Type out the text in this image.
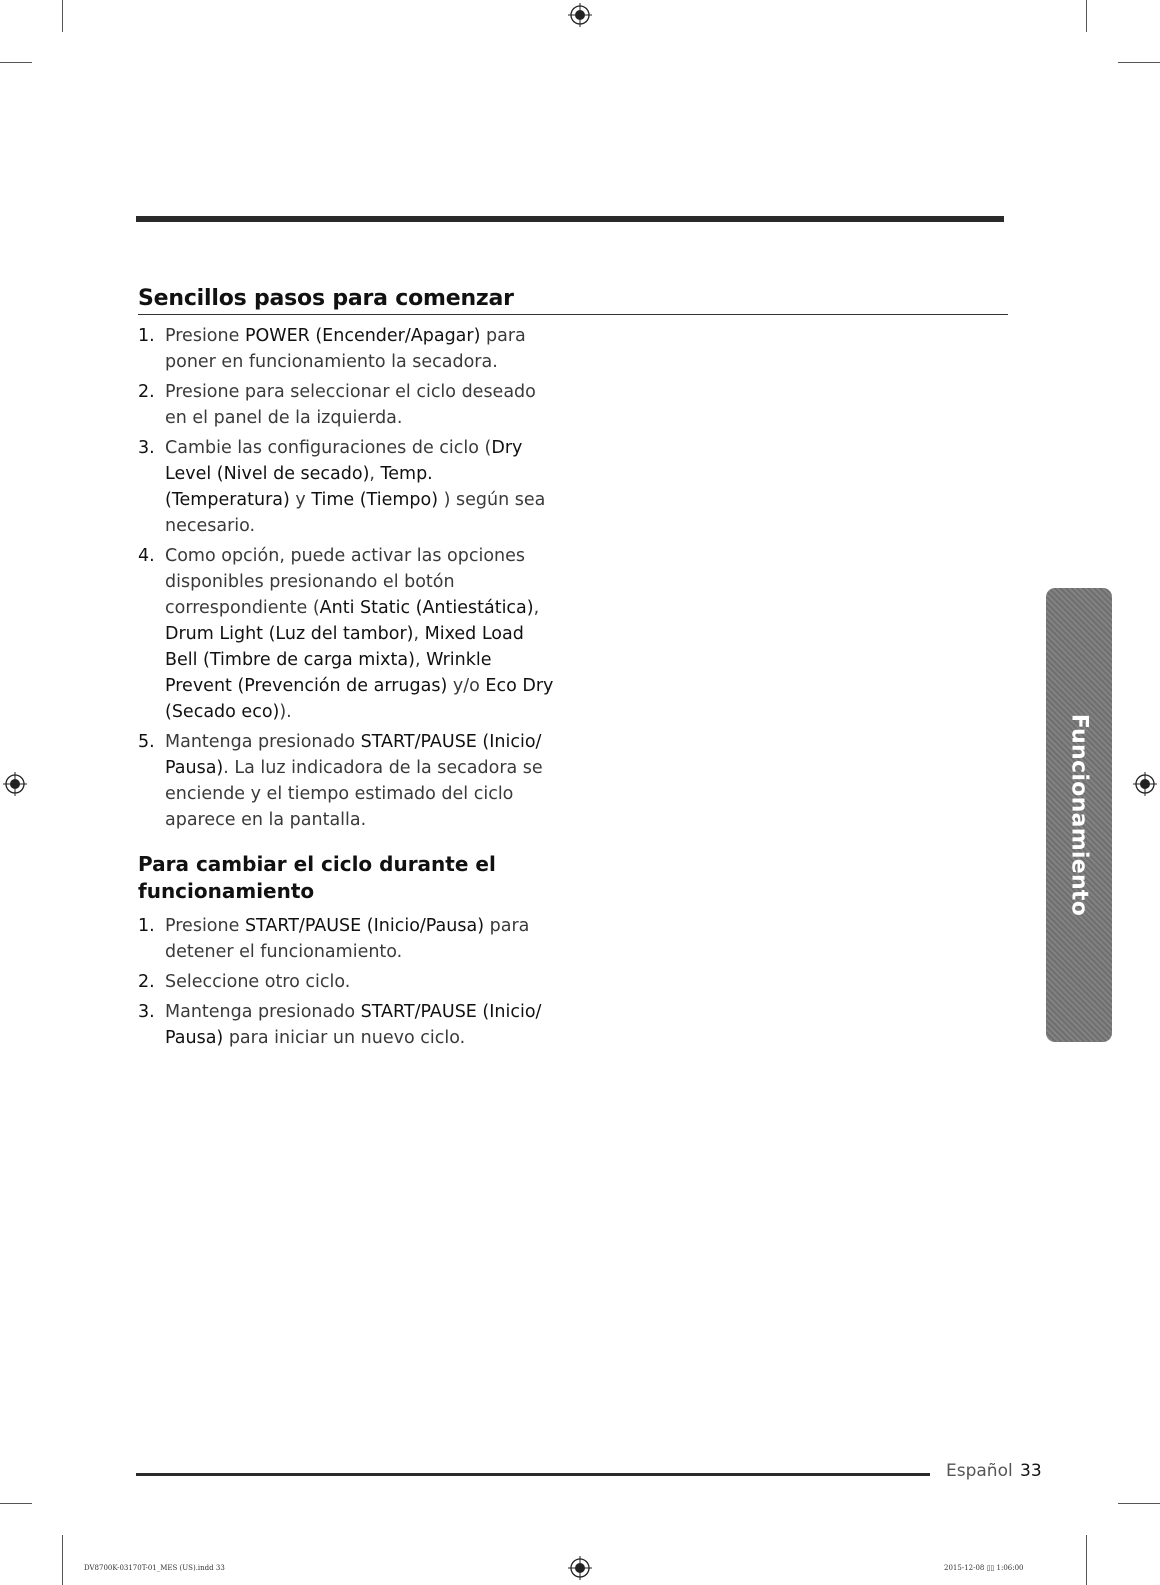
Sencillos pasos para comenzar
1. Presione POWER (Encender/Apagar) para poner en funcionamiento la secadora.
2. Presione para seleccionar el ciclo deseado en el panel de la izquierda.
3. Cambie las configuraciones de ciclo (Dry Level (Nivel de secado), Temp. (Temperatura) y Time (Tiempo) ) según sea necesario.
4. Como opción, puede activar las opciones disponibles presionando el botón correspondiente (Anti Static (Antiestática), Drum Light (Luz del tambor), Mixed Load Bell (Timbre de carga mixta), Wrinkle Prevent (Prevención de arrugas) y/o Eco Dry (Secado eco)).
5. Mantenga presionado START/PAUSE (Inicio/ Pausa). La luz indicadora de la secadora se enciende y el tiempo estimado del ciclo aparece en la pantalla.
Para cambiar el ciclo durante el funcionamiento
1. Presione START/PAUSE (Inicio/Pausa) para detener el funcionamiento.
2. Seleccione otro ciclo.
3. Mantenga presionado START/PAUSE (Inicio/ Pausa) para iniciar un nuevo ciclo.
Funcionamiento
Español 33
DV8700K-03170T-01_MES (US).indd 33	2015-12-08 ▯▯ 1:06:00
